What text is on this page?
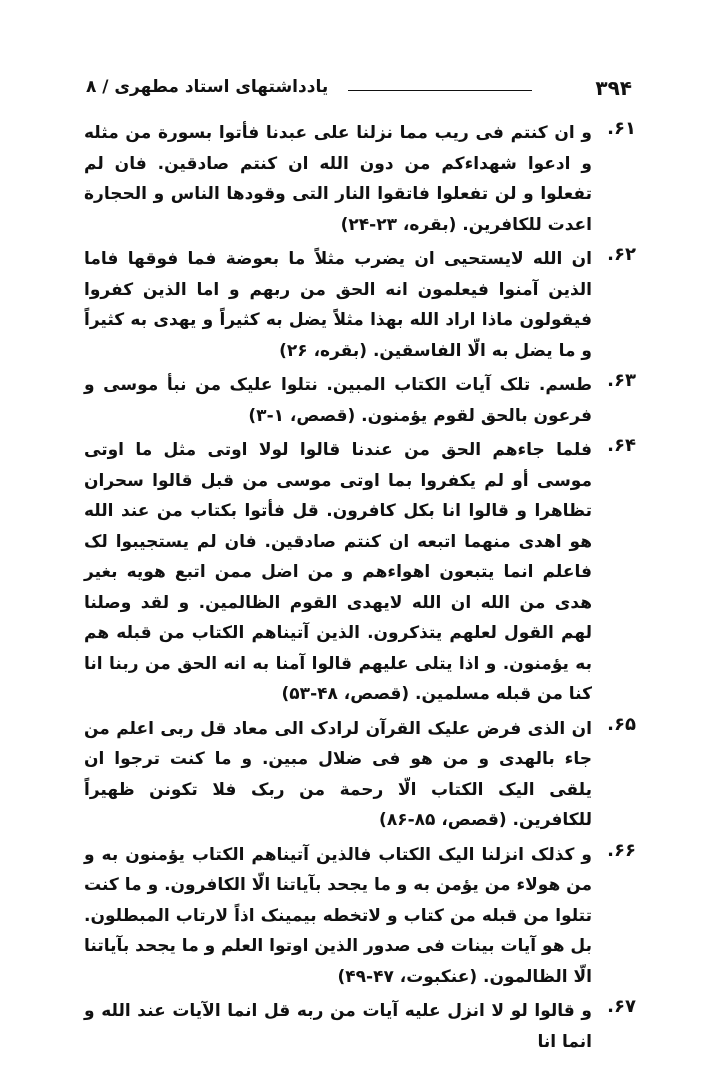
۳۹۴
یادداشتهای استاد مطهری / ۸
۶۱.

و ان کنتم فی ریب مما نزلنا علی عبدنا فأتوا بسورة من مثله و ادعوا شهداءکم من دون الله ان کنتم صادقین. فان لم تفعلوا و لن تفعلوا فاتقوا النار التی وقودها الناس و الحجارة اعدت للکافرین. (بقره، ۲۳-۲۴)

۶۲.

ان الله لایستحیی ان یضرب مثلاً ما بعوضة فما فوقها فاما الذین آمنوا فیعلمون انه الحق من ربهم و اما الذین کفروا فیقولون ماذا اراد الله بهذا مثلاً یضل به کثیراً و یهدی به کثیراً و ما یضل به الّا الفاسقین. (بقره، ۲۶)

۶۳.

طسم. تلک آیات الکتاب المبین. نتلوا علیک من نبأ موسی و فرعون بالحق لقوم یؤمنون. (قصص، ۱-۳)

۶۴.

فلما جاءهم الحق من عندنا قالوا لولا اوتی مثل ما اوتی موسی أو لم یکفروا بما اوتی موسی من قبل قالوا سحران تظاهرا و قالوا انا بکل کافرون. قل فأتوا بکتاب من عند الله هو اهدی منهما اتبعه ان کنتم صادقین. فان لم یستجیبوا لک فاعلم انما یتبعون اهواءهم و من اضل ممن اتبع هویه بغیر هدی من الله ان الله لایهدی القوم الظالمین. و لقد وصلنا لهم القول لعلهم یتذکرون. الذین آتیناهم الکتاب من قبله هم به یؤمنون. و اذا یتلی علیهم قالوا آمنا به انه الحق من ربنا انا کنا من قبله مسلمین. (قصص، ۴۸-۵۳)

۶۵.

ان الذی فرض علیک القرآن لرادک الی معاد قل ربی اعلم من جاء بالهدی و من هو فی ضلال مبین. و ما کنت ترجوا ان یلقی الیک الکتاب الّا رحمة من ربک فلا تکونن ظهیراً للکافرین. (قصص، ۸۵-۸۶)

۶۶.

و کذلک انزلنا الیک الکتاب فالذین آتیناهم الکتاب یؤمنون به و من هولاء من یؤمن به و ما یجحد بآیاتنا الّا الکافرون. و ما کنت تتلوا من قبله من کتاب و لاتخطه بیمینک اذاً لارتاب المبطلون. بل هو آیات بینات فی صدور الذین اوتوا العلم و ما یجحد بآیاتنا الّا الظالمون. (عنکبوت، ۴۷-۴۹)

۶۷.

و قالوا لو لا انزل علیه آیات من ربه قل انما الآیات عند الله و انما انا
